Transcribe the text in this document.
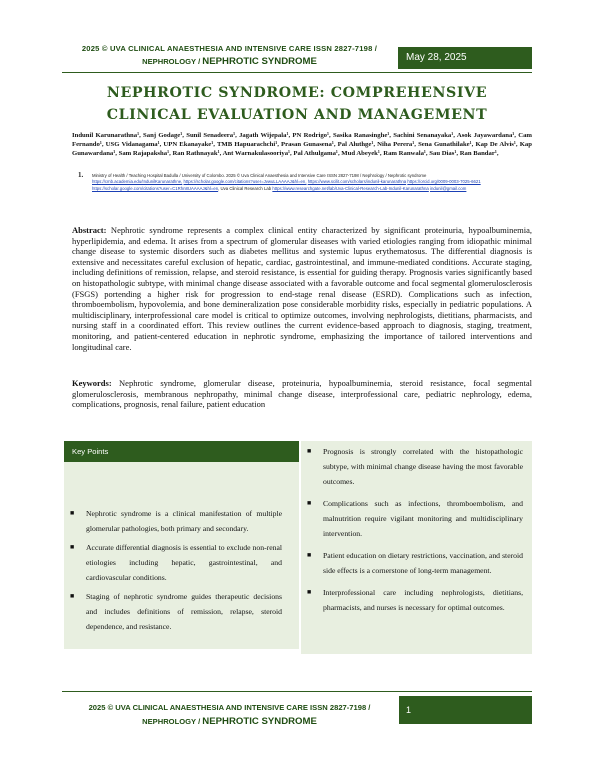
2025 © UVA CLINICAL ANAESTHESIA AND INTENSIVE CARE ISSN 2827-7198 /
NEPHROLOGY / NEPHROTIC SYNDROME	May 28, 2025
NEPHROTIC SYNDROME: COMPREHENSIVE
CLINICAL EVALUATION AND MANAGEMENT
Indunil Karunarathna¹, Sanj Godage¹, Sunil Senadeera¹, Jagath Wijepala¹, PN Rodrigo¹, Sasika Ranasinghe¹, Sachini Senanayaka¹, Asok Jayawardana¹, Cam Fernando¹, USG Vidanagama¹, UPN Ekanayake¹, TMB Hapuarachchi¹, Prasan Gunasena¹, Pal Aluthge¹, Niha Perera¹, Sena Gunathilake¹, Kap De Alvis¹, Kap Gunawardana¹, Sam Rajapaksha¹, Ran Rathnayak¹, Ant Warnakulasooriya¹, Pal Athulgama¹, Mud Abeyek¹, Ram Ranwala¹, Sau Dias¹, Ran Bandar¹,
1. Ministry of Health / Teaching Hospital Badulla / University of Colombo. 2025 © Uva Clinical Anaesthesia and Intensive Care ISSN 2827-7198 / Nephrology / Nephrotic syndrome
https://cmb.academia.edu/IndunilKarunarathne, https://scholar.google.com/citations?user=JvwuLLAAAAJ&hl=en, https://www.scilit.com/scholars/indunil-karunarathna https://orcid.org/0009-0003-7025-6621 https://scholar.google.com/citations?user=C1Rhn8UAAAAJ&hl=en, Uva Clinical Research Lab https://www.researchgate.net/lab/Uva-Clinical-Research-Lab-Indunil-Karunarathna indunil@gmail.com
Abstract: Nephrotic syndrome represents a complex clinical entity characterized by significant proteinuria, hypoalbuminemia, hyperlipidemia, and edema. It arises from a spectrum of glomerular diseases with varied etiologies ranging from idiopathic minimal change disease to systemic disorders such as diabetes mellitus and systemic lupus erythematosus. The differential diagnosis is extensive and necessitates careful exclusion of hepatic, cardiac, gastrointestinal, and immune-mediated conditions. Accurate staging, including definitions of remission, relapse, and steroid resistance, is essential for guiding therapy. Prognosis varies significantly based on histopathologic subtype, with minimal change disease associated with a favorable outcome and focal segmental glomerulosclerosis (FSGS) portending a higher risk for progression to end-stage renal disease (ESRD). Complications such as infection, thromboembolism, hypovolemia, and bone demineralization pose considerable morbidity risks, especially in pediatric populations. A multidisciplinary, interprofessional care model is critical to optimize outcomes, involving nephrologists, dietitians, pharmacists, and nursing staff in a coordinated effort. This review outlines the current evidence-based approach to diagnosis, staging, treatment, monitoring, and patient-centered education in nephrotic syndrome, emphasizing the importance of tailored interventions and longitudinal care.
Keywords: Nephrotic syndrome, glomerular disease, proteinuria, hypoalbuminemia, steroid resistance, focal segmental glomerulosclerosis, membranous nephropathy, minimal change disease, interprofessional care, pediatric nephrology, edema, complications, prognosis, renal failure, patient education
Key Points
■ Nephrotic syndrome is a clinical manifestation of multiple glomerular pathologies, both primary and secondary.
■ Accurate differential diagnosis is essential to exclude non-renal etiologies including hepatic, gastrointestinal, and cardiovascular conditions.
■ Staging of nephrotic syndrome guides therapeutic decisions and includes definitions of remission, relapse, steroid dependence, and resistance.
■ Prognosis is strongly correlated with the histopathologic subtype, with minimal change disease having the most favorable outcomes.
■ Complications such as infections, thromboembolism, and malnutrition require vigilant monitoring and multidisciplinary intervention.
■ Patient education on dietary restrictions, vaccination, and steroid side effects is a cornerstone of long-term management.
■ Interprofessional care including nephrologists, dietitians, pharmacists, and nurses is necessary for optimal outcomes.
2025 © UVA CLINICAL ANAESTHESIA AND INTENSIVE CARE ISSN 2827-7198 /
NEPHROLOGY / NEPHROTIC SYNDROME
1
